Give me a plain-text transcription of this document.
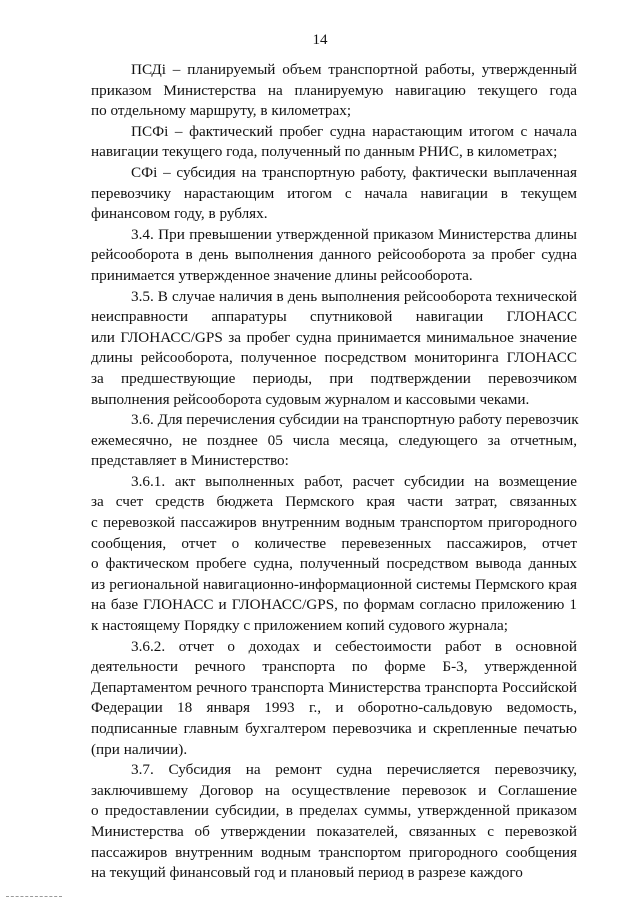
14
ПСДi – планируемый объем транспортной работы, утвержденный
приказом Министерства на планируемую навигацию текущего года
по отдельному маршруту, в километрах;
ПСФi – фактический пробег судна нарастающим итогом с начала
навигации текущего года, полученный по данным РНИС, в километрах;
СФi – субсидия на транспортную работу, фактически выплаченная
перевозчику нарастающим итогом с начала навигации в текущем
финансовом году, в рублях.
3.4. При превышении утвержденной приказом Министерства длины
рейсооборота в день выполнения данного рейсооборота за пробег судна
принимается утвержденное значение длины рейсооборота.
3.5. В случае наличия в день выполнения рейсооборота технической
неисправности аппаратуры спутниковой навигации ГЛОНАСС
или ГЛОНАСС/GPS за пробег судна принимается минимальное значение
длины рейсооборота, полученное посредством мониторинга ГЛОНАСС
за предшествующие периоды, при подтверждении перевозчиком
выполнения рейсооборота судовым журналом и кассовыми чеками.
3.6. Для перечисления субсидии на транспортную работу перевозчик
ежемесячно, не позднее 05 числа месяца, следующего за отчетным,
представляет в Министерство:
3.6.1. акт выполненных работ, расчет субсидии на возмещение
за счет средств бюджета Пермского края части затрат, связанных
с перевозкой пассажиров внутренним водным транспортом пригородного
сообщения, отчет о количестве перевезенных пассажиров, отчет
о фактическом пробеге судна, полученный посредством вывода данных
из региональной навигационно-информационной системы Пермского края
на базе ГЛОНАСС и ГЛОНАСС/GPS, по формам согласно приложению 1
к настоящему Порядку с приложением копий судового журнала;
3.6.2. отчет о доходах и себестоимости работ в основной
деятельности речного транспорта по форме Б-3, утвержденной
Департаментом речного транспорта Министерства транспорта Российской
Федерации 18 января 1993 г., и оборотно-сальдовую ведомость,
подписанные главным бухгалтером перевозчика и скрепленные печатью
(при наличии).
3.7. Субсидия на ремонт судна перечисляется перевозчику,
заключившему Договор на осуществление перевозок и Соглашение
о предоставлении субсидии, в пределах суммы, утвержденной приказом
Министерства об утверждении показателей, связанных с перевозкой
пассажиров внутренним водным транспортом пригородного сообщения
на текущий финансовый год и плановый период в разрезе каждого
